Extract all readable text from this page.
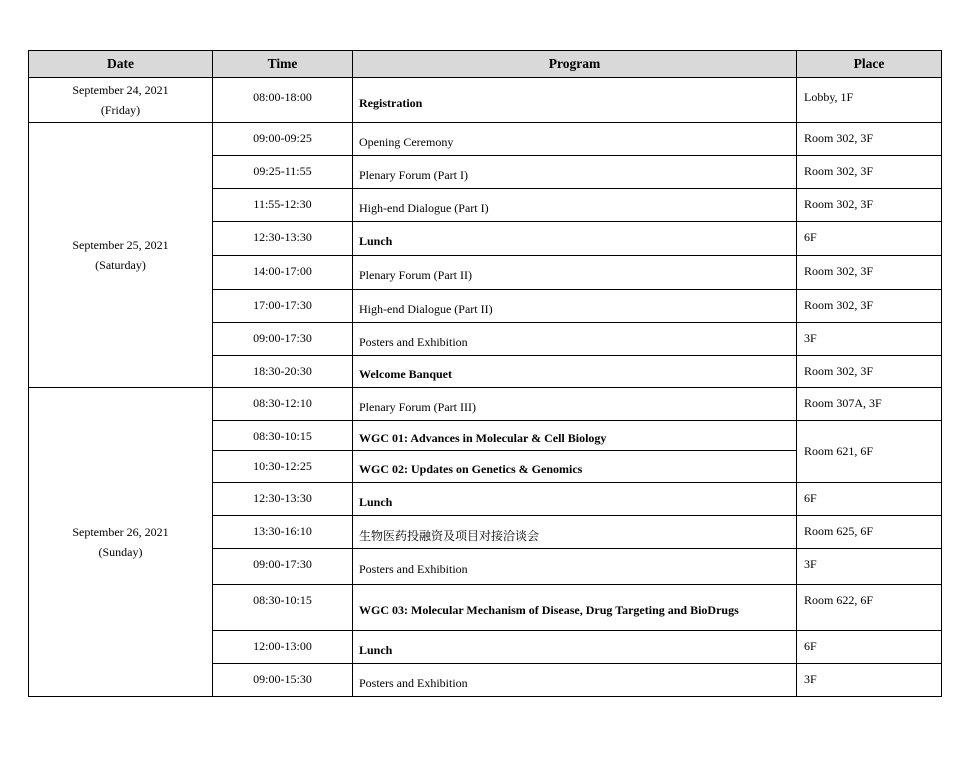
Date	Time	Program	Place

September 24, 2021
(Friday)	08:00-18:00	Registration	Lobby, 1F

September 25, 2021
(Saturday)	09:00-09:25	Opening Ceremony	Room 302, 3F
	09:25-11:55	Plenary Forum (Part I)	Room 302, 3F
	11:55-12:30	High-end Dialogue (Part I)	Room 302, 3F
	12:30-13:30	Lunch	6F
	14:00-17:00	Plenary Forum (Part II)	Room 302, 3F
	17:00-17:30	High-end Dialogue (Part II)	Room 302, 3F
	09:00-17:30	Posters and Exhibition	3F
	18:30-20:30	Welcome Banquet	Room 302, 3F

September 26, 2021
(Sunday)	08:30-12:10	Plenary Forum (Part III)	Room 307A, 3F
	08:30-10:15	WGC 01: Advances in Molecular & Cell Biology	Room 621, 6F
	10:30-12:25	WGC 02: Updates on Genetics & Genomics	
	12:30-13:30	Lunch	6F
	13:30-16:10	生物医药投融资及项目对接洽谈会	Room 625, 6F
	09:00-17:30	Posters and Exhibition	3F
	08:30-10:15	WGC 03: Molecular Mechanism of Disease, Drug Targeting and BioDrugs	Room 622, 6F
	12:00-13:00	Lunch	6F
	09:00-15:30	Posters and Exhibition	3F
